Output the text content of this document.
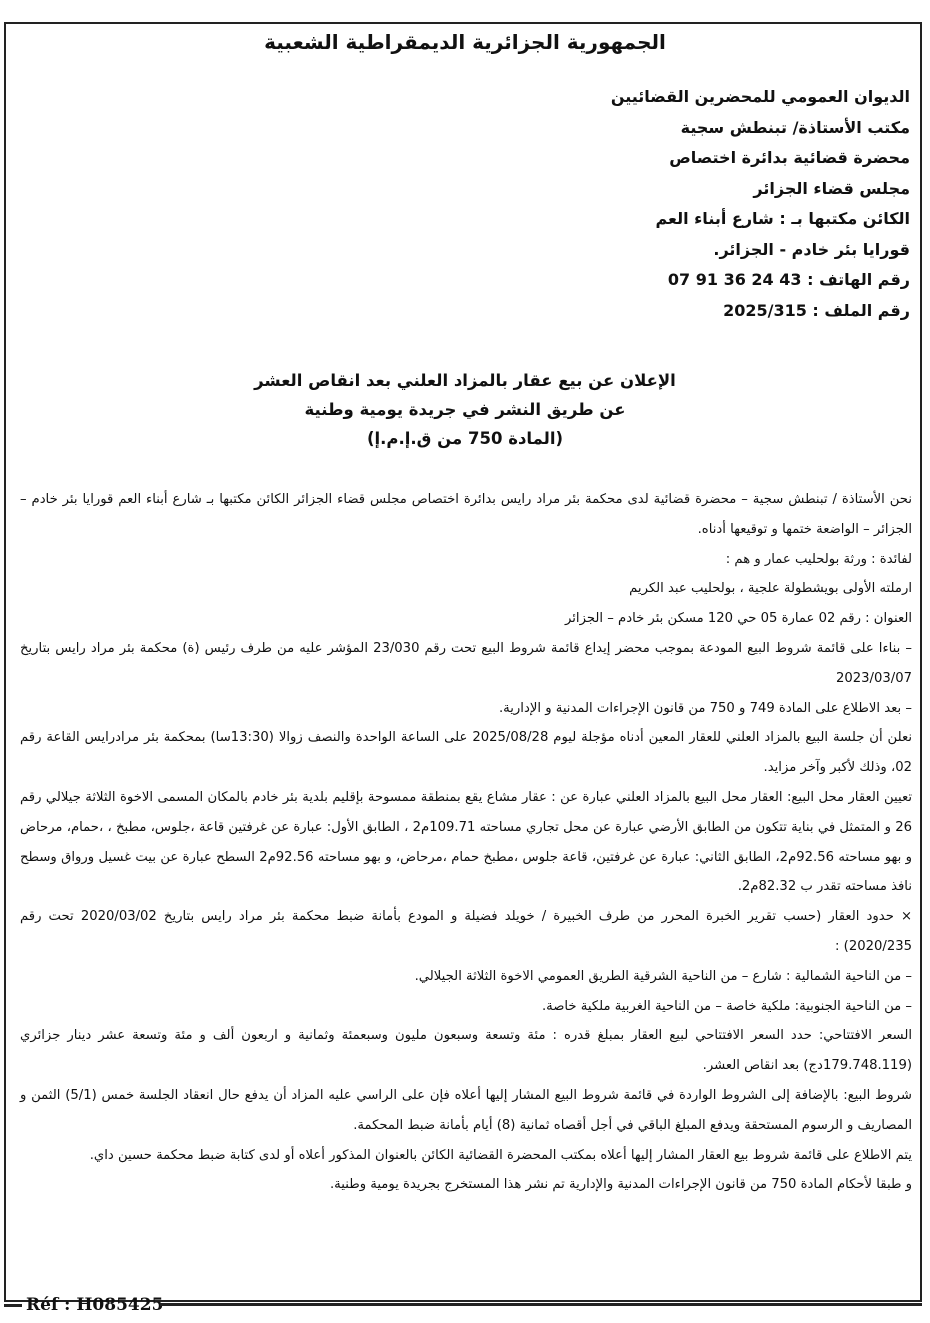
الجمهورية الجزائرية الديمقراطية الشعبية
الديوان العمومي للمحضرين القضائيين
مكتب الأستاذة/ تبنطش سجية
محضرة قضائية بدائرة اختصاص
مجلس قضاء الجزائر
الكائن مكتبها بـ : شارع أبناء العم
قورايا بئر خادم - الجزائر.
رقم الهاتف : 43 24 36 91 07
رقم الملف : 2025/315
الإعلان عن بيع عقار بالمزاد العلني بعد انقاص العشر
عن طريق النشر في جريدة يومية وطنية
(المادة 750 من ق.إ.م.إ)

نحن الأستاذة / تبنطش سجية – محضرة قضائية لدى محكمة بئر مراد رايس بدائرة اختصاص مجلس قضاء الجزائر الكائن مكتبها بـ شارع أبناء العم قورايا بئر خادم – الجزائر – الواضعة ختمها و توقيعها أدناه.

لفائدة : ورثة بولحليب عمار و هم :

ارملته الأولى بويشطولة علجية ، بولحليب عبد الكريم

العنوان : رقم 02 عمارة 05 حي 120 مسكن بئر خادم – الجزائر

– بناءا على قائمة شروط البيع المودعة بموجب محضر إيداع قائمة شروط البيع تحت رقم 23/030 المؤشر عليه من طرف رئيس (ة) محكمة بئر مراد رايس بتاريخ 2023/03/07

– بعد الاطلاع على المادة 749 و 750 من قانون الإجراءات المدنية و الإدارية.

نعلن أن جلسة البيع بالمزاد العلني للعقار المعين أدناه مؤجلة ليوم 2025/08/28 على الساعة الواحدة والنصف زوالا (13:30سا) بمحكمة بئر مرادرايس القاعة رقم 02، وذلك لأكبر وآخر مزايد.

تعيين العقار محل البيع: العقار محل البيع بالمزاد العلني عبارة عن : عقار مشاع يقع بمنطقة ممسوحة بإقليم بلدية بئر خادم بالمكان المسمى الاخوة الثلاثة جيلالي رقم 26 و المتمثل في بناية تتكون من الطابق الأرضي عبارة عن محل تجاري مساحته 109.71م2 ، الطابق الأول: عبارة عن غرفتين قاعة ،جلوس، مطبخ ، ،حمام، مرحاض و بهو مساحته 92.56م2، الطابق الثاني: عبارة عن غرفتين، قاعة جلوس ،مطبخ حمام ،مرحاض، و بهو مساحته 92.56م2 السطح عبارة عن بيت غسيل ورواق وسطح نافذ مساحته تقدر ب 82.32م2.

× حدود العقار (حسب تقرير الخبرة المحرر من طرف الخبيرة / خويلد فضيلة و المودع بأمانة ضبط محكمة بئر مراد رايس بتاريخ 2020/03/02 تحت رقم 2020/235) :

– من الناحية الشمالية : شارع – من الناحية الشرقية الطريق العمومي الاخوة الثلاثة الجيلالي.

– من الناحية الجنوبية: ملكية خاصة – من الناحية الغربية ملكية خاصة.

السعر الافتتاحي: حدد السعر الافتتاحي لبيع العقار بمبلغ قدره : مئة وتسعة وسبعون مليون وسبعمئة وثمانية و اربعون ألف و مئة وتسعة عشر دينار جزائري (179.748.119دج) بعد انقاص العشر.

شروط البيع: بالإضافة إلى الشروط الواردة في قائمة شروط البيع المشار إليها أعلاه فإن على الراسي عليه المزاد أن يدفع حال انعقاد الجلسة خمس (5/1) الثمن و المصاريف و الرسوم المستحقة ويدفع المبلغ الباقي في أجل أقصاه ثمانية (8) أيام بأمانة ضبط المحكمة.

يتم الاطلاع على قائمة شروط بيع العقار المشار إليها أعلاه بمكتب المحضرة القضائية الكائن بالعنوان المذكور أعلاه أو لدى كتابة ضبط محكمة حسين داي.

و طبقا لأحكام المادة 750 من قانون الإجراءات المدنية والإدارية تم نشر هذا المستخرج بجريدة يومية وطنية.

Réf : H085425
